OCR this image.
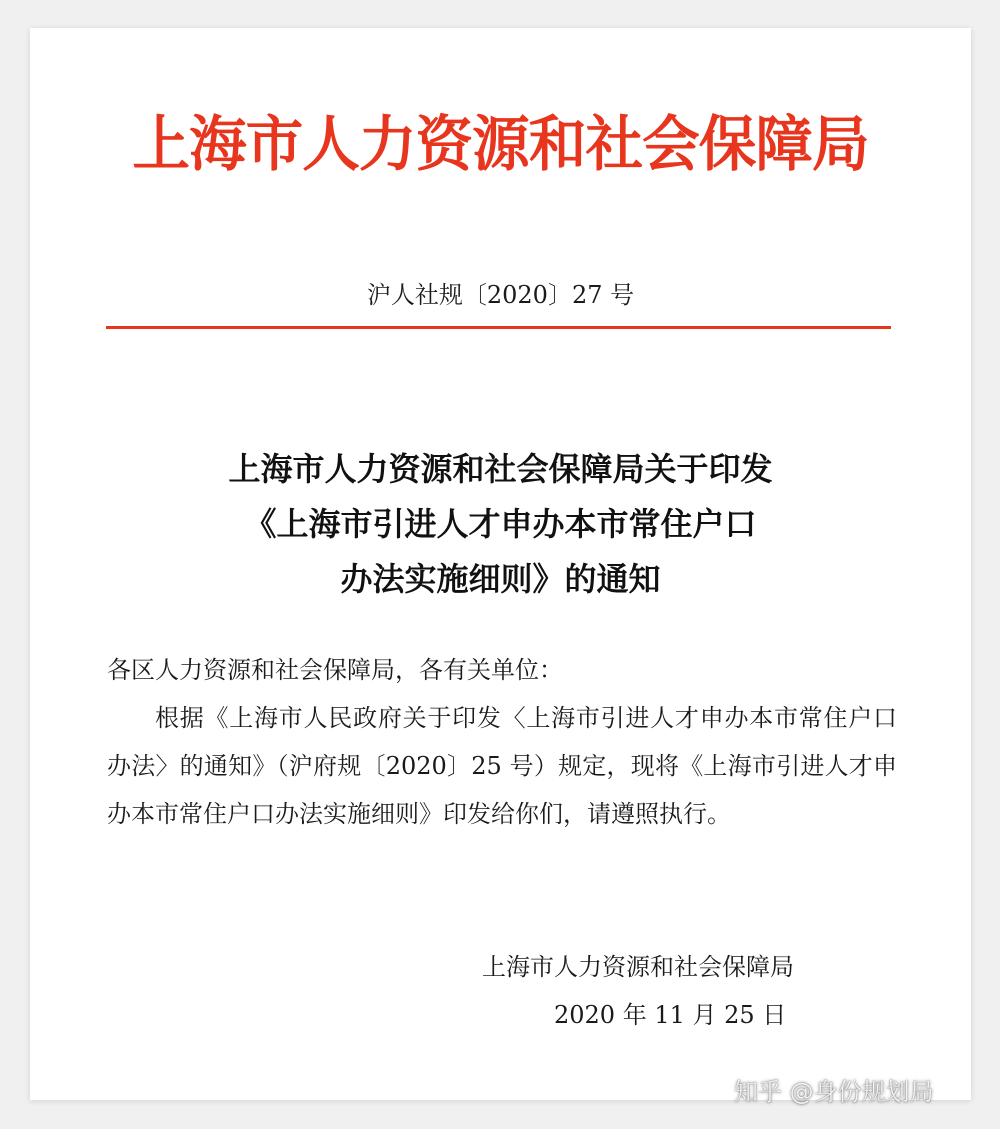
上海市人力资源和社会保障局
沪人社规〔2020〕27 号
上海市人力资源和社会保障局关于印发
《上海市引进人才申办本市常住户口
办法实施细则》的通知
各区人力资源和社会保障局，各有关单位：
根据《上海市人民政府关于印发〈上海市引进人才申办本市常住户口办法〉的通知》（沪府规〔2020〕25 号）规定，现将《上海市引进人才申办本市常住户口办法实施细则》印发给你们，请遵照执行。
上海市人力资源和社会保障局
2020 年 11 月 25 日
知乎 @身份规划局
